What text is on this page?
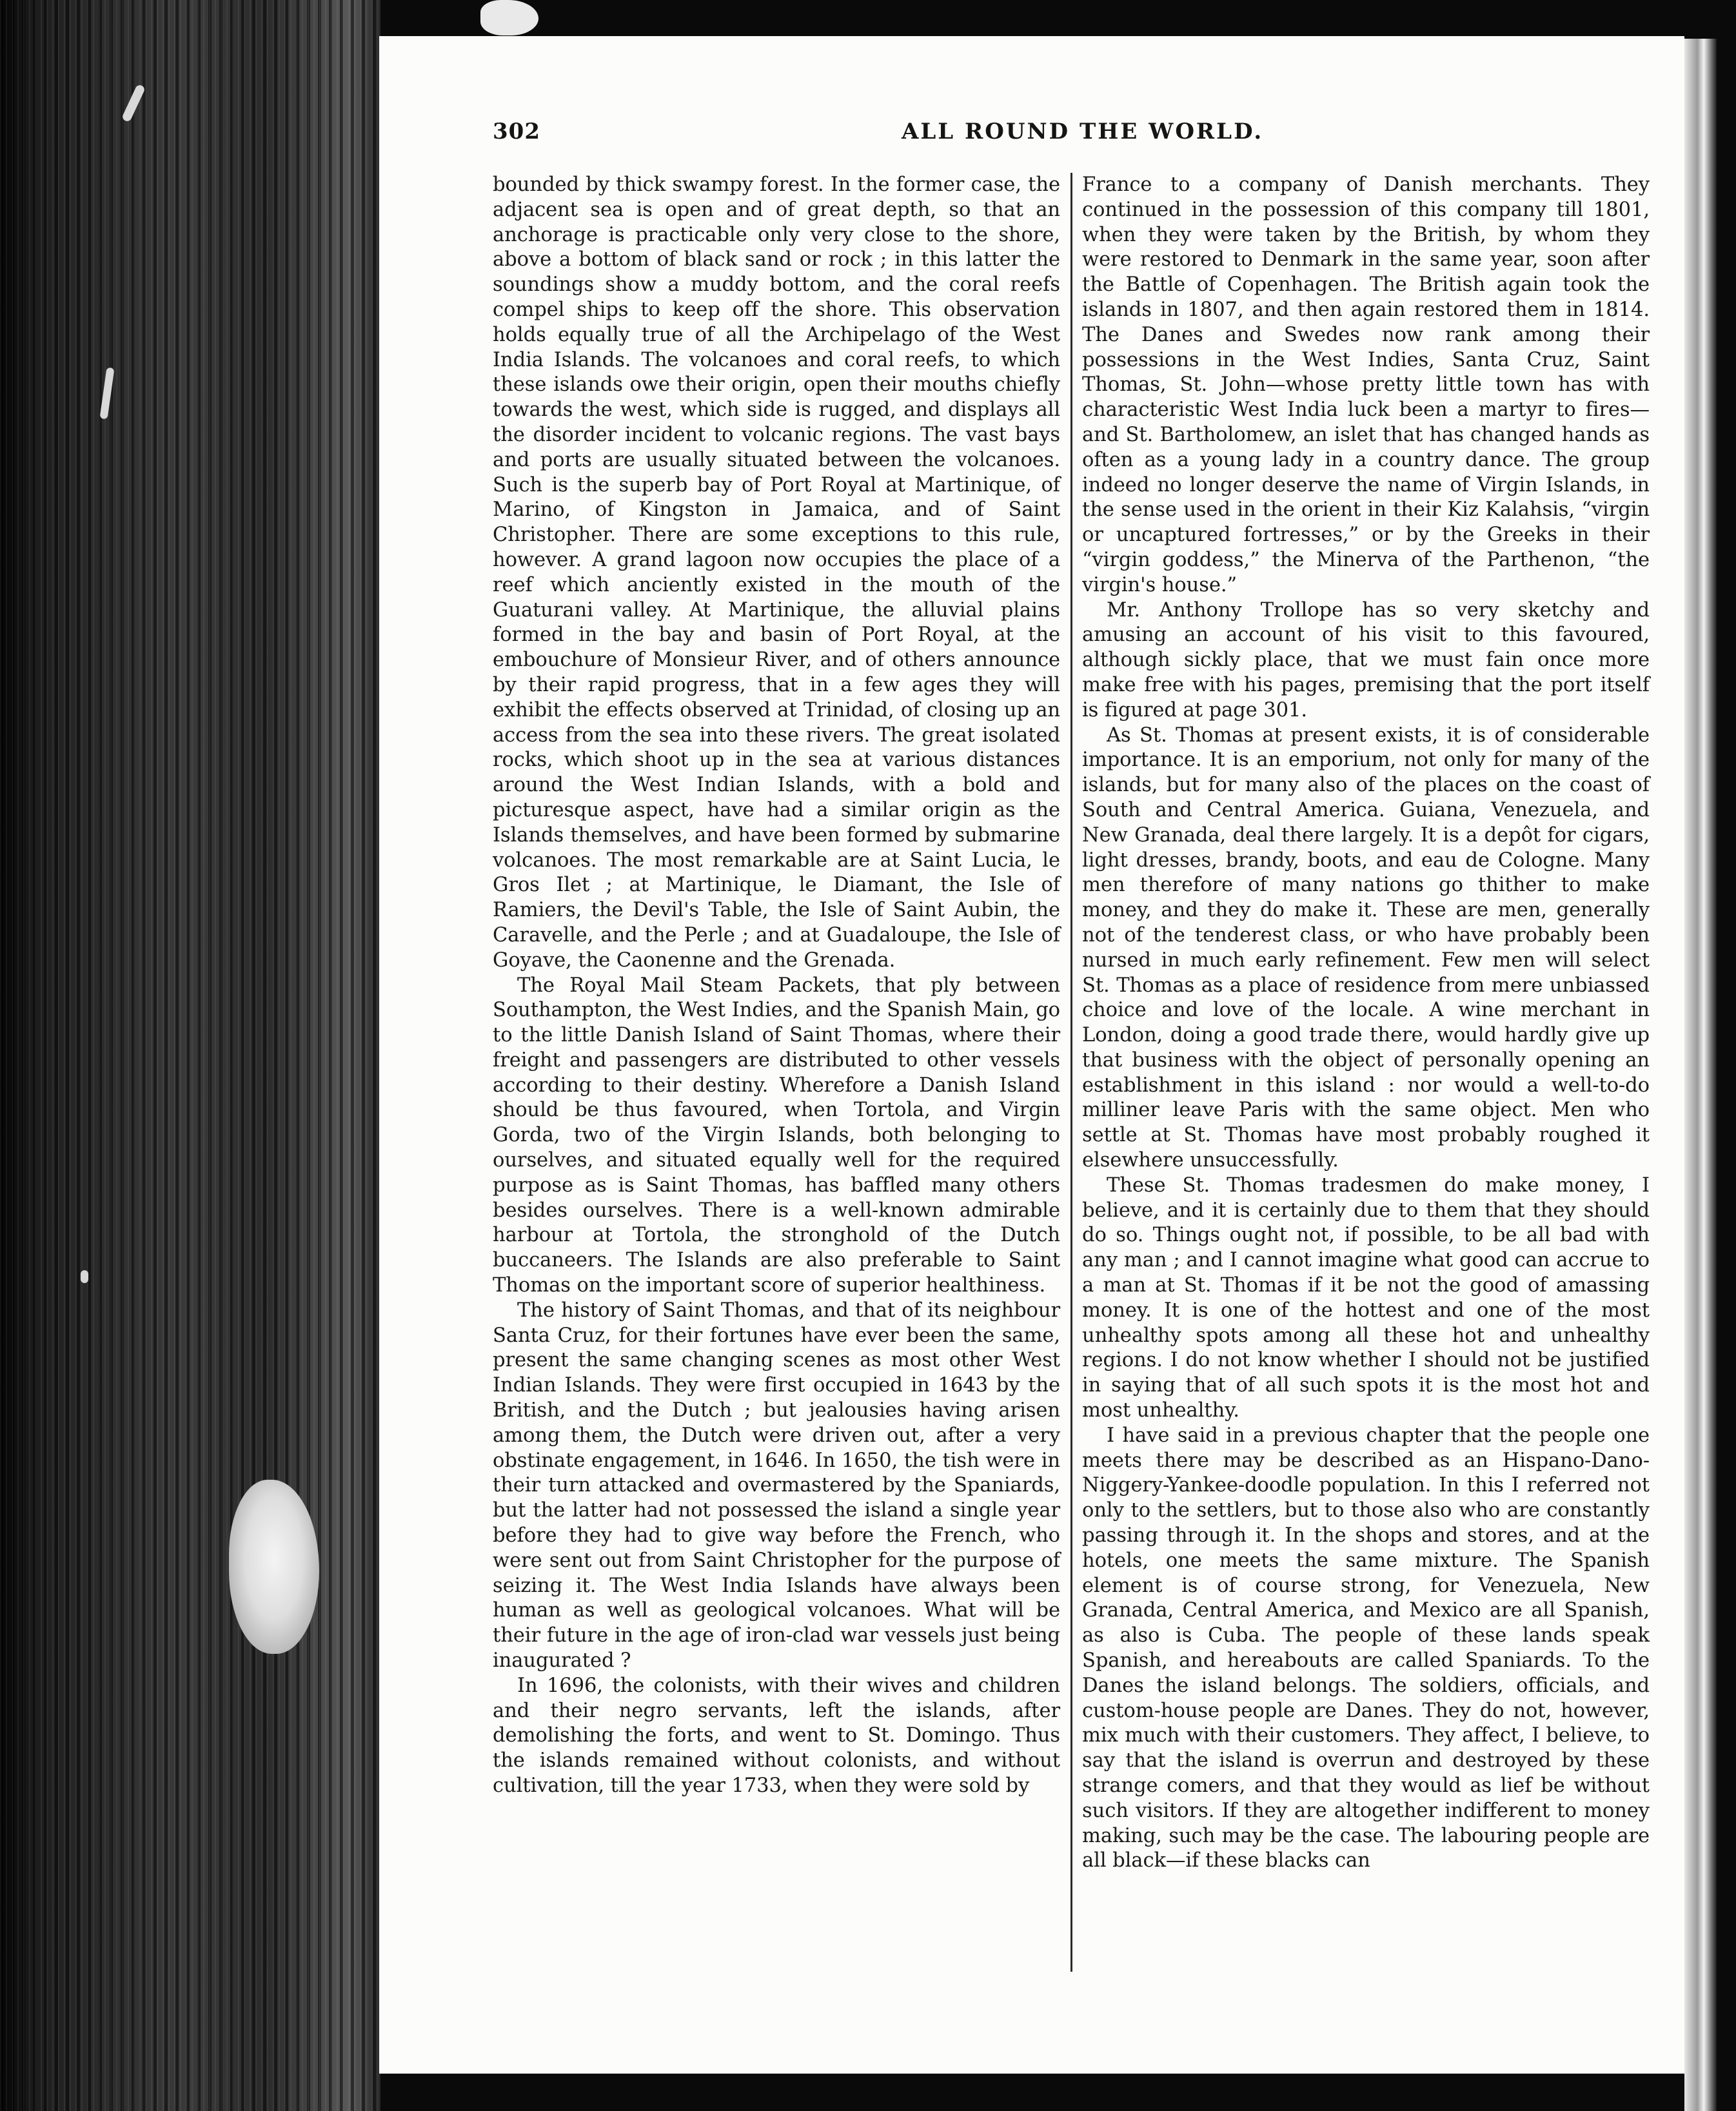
302	ALL ROUND THE WORLD.

bounded by thick swampy forest. In the former case, the adjacent sea is open and of great depth, so that an anchorage is practicable only very close to the shore, above a bottom of black sand or rock ; in this latter the soundings show a muddy bottom, and the coral reefs compel ships to keep off the shore. This observation holds equally true of all the Archipelago of the West India Islands. The volcanoes and coral reefs, to which these islands owe their origin, open their mouths chiefly towards the west, which side is rugged, and displays all the disorder incident to volcanic regions. The vast bays and ports are usually situated between the volcanoes. Such is the superb bay of Port Royal at Martinique, of Marino, of Kingston in Jamaica, and of Saint Christopher. There are some exceptions to this rule, however. A grand lagoon now occupies the place of a reef which anciently existed in the mouth of the Guaturani valley. At Martinique, the alluvial plains formed in the bay and basin of Port Royal, at the embouchure of Monsieur River, and of others announce by their rapid progress, that in a few ages they will exhibit the effects observed at Trinidad, of closing up an access from the sea into these rivers. The great isolated rocks, which shoot up in the sea at various distances around the West Indian Islands, with a bold and picturesque aspect, have had a similar origin as the Islands themselves, and have been formed by submarine volcanoes. The most remarkable are at Saint Lucia, le Gros Ilet ; at Martinique, le Diamant, the Isle of Ramiers, the Devil's Table, the Isle of Saint Aubin, the Caravelle, and the Perle ; and at Guadaloupe, the Isle of Goyave, the Caonenne and the Grenada.

The Royal Mail Steam Packets, that ply between Southampton, the West Indies, and the Spanish Main, go to the little Danish Island of Saint Thomas, where their freight and passengers are distributed to other vessels according to their destiny. Wherefore a Danish Island should be thus favoured, when Tortola, and Virgin Gorda, two of the Virgin Islands, both belonging to ourselves, and situated equally well for the required purpose as is Saint Thomas, has baffled many others besides ourselves. There is a well-known admirable harbour at Tortola, the stronghold of the Dutch buccaneers. The Islands are also preferable to Saint Thomas on the important score of superior healthiness.

The history of Saint Thomas, and that of its neighbour Santa Cruz, for their fortunes have ever been the same, present the same changing scenes as most other West Indian Islands. They were first occupied in 1643 by the British, and the Dutch ; but jealousies having arisen among them, the Dutch were driven out, after a very obstinate engagement, in 1646. In 1650, the tish were in their turn attacked and overmastered by the Spaniards, but the latter had not possessed the island a single year before they had to give way before the French, who were sent out from Saint Christopher for the purpose of seizing it. The West India Islands have always been human as well as geological volcanoes. What will be their future in the age of iron-clad war vessels just being inaugurated ?

In 1696, the colonists, with their wives and children and their negro servants, left the islands, after demolishing the forts, and went to St. Domingo. Thus the islands remained without colonists, and without cultivation, till the year 1733, when they were sold by

France to a company of Danish merchants. They continued in the possession of this company till 1801, when they were taken by the British, by whom they were restored to Denmark in the same year, soon after the Battle of Copenhagen. The British again took the islands in 1807, and then again restored them in 1814. The Danes and Swedes now rank among their possessions in the West Indies, Santa Cruz, Saint Thomas, St. John—whose pretty little town has with characteristic West India luck been a martyr to fires—and St. Bartholomew, an islet that has changed hands as often as a young lady in a country dance. The group indeed no longer deserve the name of Virgin Islands, in the sense used in the orient in their Kiz Kalahsis, “virgin or uncaptured fortresses,” or by the Greeks in their “virgin goddess,” the Minerva of the Parthenon, “the virgin's house.”

Mr. Anthony Trollope has so very sketchy and amusing an account of his visit to this favoured, although sickly place, that we must fain once more make free with his pages, premising that the port itself is figured at page 301.

As St. Thomas at present exists, it is of considerable importance. It is an emporium, not only for many of the islands, but for many also of the places on the coast of South and Central America. Guiana, Venezuela, and New Granada, deal there largely. It is a depôt for cigars, light dresses, brandy, boots, and eau de Cologne. Many men therefore of many nations go thither to make money, and they do make it. These are men, generally not of the tenderest class, or who have probably been nursed in much early refinement. Few men will select St. Thomas as a place of residence from mere unbiassed choice and love of the locale. A wine merchant in London, doing a good trade there, would hardly give up that business with the object of personally opening an establishment in this island : nor would a well-to-do milliner leave Paris with the same object. Men who settle at St. Thomas have most probably roughed it elsewhere unsuccessfully.

These St. Thomas tradesmen do make money, I believe, and it is certainly due to them that they should do so. Things ought not, if possible, to be all bad with any man ; and I cannot imagine what good can accrue to a man at St. Thomas if it be not the good of amassing money. It is one of the hottest and one of the most unhealthy spots among all these hot and unhealthy regions. I do not know whether I should not be justified in saying that of all such spots it is the most hot and most unhealthy.

I have said in a previous chapter that the people one meets there may be described as an Hispano-Dano-Niggery-Yankee-doodle population. In this I referred not only to the settlers, but to those also who are constantly passing through it. In the shops and stores, and at the hotels, one meets the same mixture. The Spanish element is of course strong, for Venezuela, New Granada, Central America, and Mexico are all Spanish, as also is Cuba. The people of these lands speak Spanish, and hereabouts are called Spaniards. To the Danes the island belongs. The soldiers, officials, and custom-house people are Danes. They do not, however, mix much with their customers. They affect, I believe, to say that the island is overrun and destroyed by these strange comers, and that they would as lief be without such visitors. If they are altogether indifferent to money making, such may be the case. The labouring people are all black—if these blacks can
